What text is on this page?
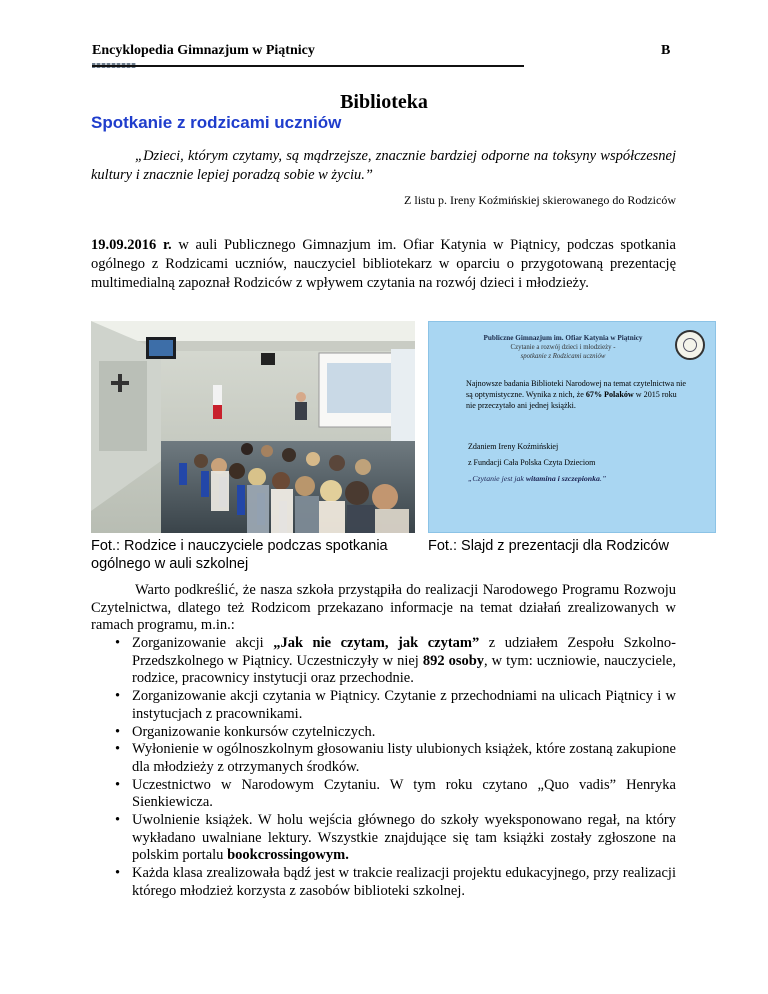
Encyklopedia Gimnazjum w Piątnicy	B
Biblioteka
Spotkanie z rodzicami uczniów
„Dzieci, którym czytamy, są mądrzejsze, znacznie bardziej odporne na toksyny współczesnej kultury i znacznie lepiej poradzą sobie w życiu.”
Z listu p. Ireny Koźmińskiej skierowanego do Rodziców
19.09.2016 r. w auli Publicznego Gimnazjum im. Ofiar Katynia w Piątnicy, podczas spotkania ogólnego z Rodzicami uczniów, nauczyciel bibliotekarz w oparciu o przygotowaną prezentację multimedialną zapoznał Rodziców z wpływem czytania na rozwój dzieci i młodzieży.
Publiczne Gimnazjum im. Ofiar Katynia w Piątnicy
Czytanie a rozwój dzieci i młodzieży -
spotkanie z Rodzicami uczniów
Najnowsze badania Biblioteki Narodowej na temat czytelnictwa nie są optymistyczne. Wynika z nich, że 67% Polaków w 2015 roku nie przeczytało ani jednej książki.
Zdaniem Ireny Koźmińskiej
z Fundacji Cała Polska Czyta Dzieciom
„Czytanie jest jak witamina i szczepionka.”
Fot.: Rodzice i nauczyciele podczas spotkania ogólnego w auli szkolnej
Fot.: Slajd z prezentacji dla Rodziców
Warto podkreślić, że nasza szkoła przystąpiła do realizacji Narodowego Programu Rozwoju Czytelnictwa, dlatego też Rodzicom przekazano informacje na temat działań zrealizowanych w ramach programu, m.in.:
• Zorganizowanie akcji „Jak nie czytam, jak czytam” z udziałem Zespołu Szkolno-Przedszkolnego w Piątnicy. Uczestniczyły w niej 892 osoby, w tym: uczniowie, nauczyciele, rodzice, pracownicy instytucji oraz przechodnie.
• Zorganizowanie akcji czytania w Piątnicy. Czytanie z przechodniami na ulicach Piątnicy i w instytucjach z pracownikami.
• Organizowanie konkursów czytelniczych.
• Wyłonienie w ogólnoszkolnym głosowaniu listy ulubionych książek, które zostaną zakupione dla młodzieży z otrzymanych środków.
• Uczestnictwo w Narodowym Czytaniu. W tym roku czytano „Quo vadis” Henryka Sienkiewicza.
• Uwolnienie książek. W holu wejścia głównego do szkoły wyeksponowano regał, na który wykładano uwalniane lektury. Wszystkie znajdujące się tam książki zostały zgłoszone na polskim portalu bookcrossingowym.
• Każda klasa zrealizowała bądź jest w trakcie realizacji projektu edukacyjnego, przy realizacji którego młodzież korzysta z zasobów biblioteki szkolnej.
